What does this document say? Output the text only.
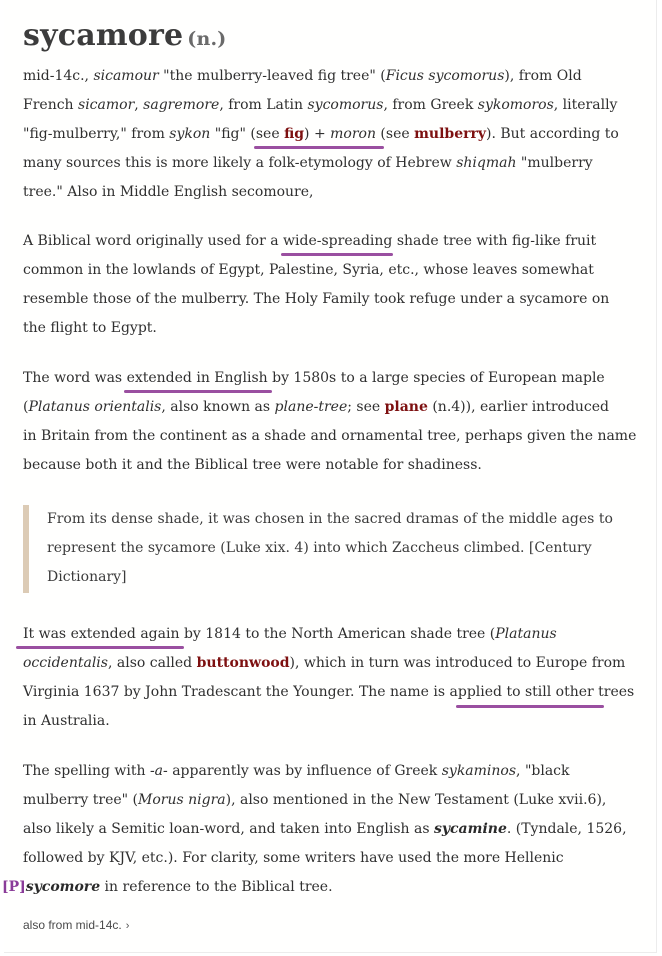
sycamore (n.)
mid-14c., sicamour "the mulberry-leaved fig tree" (Ficus sycomorus), from Old
French sicamor, sagremore, from Latin sycomorus, from Greek sykomoros, literally
"fig-mulberry," from sykon "fig" (see fig) + moron (see mulberry). But according to
many sources this is more likely a folk-etymology of Hebrew shiqmah "mulberry
tree." Also in Middle English secomoure,
A Biblical word originally used for a wide-spreading shade tree with fig-like fruit
common in the lowlands of Egypt, Palestine, Syria, etc., whose leaves somewhat
resemble those of the mulberry. The Holy Family took refuge under a sycamore on
the flight to Egypt.
The word was extended in English by 1580s to a large species of European maple
(Platanus orientalis, also known as plane-tree; see plane (n.4)), earlier introduced
in Britain from the continent as a shade and ornamental tree, perhaps given the name
because both it and the Biblical tree were notable for shadiness.
From its dense shade, it was chosen in the sacred dramas of the middle ages to
represent the sycamore (Luke xix. 4) into which Zaccheus climbed. [Century
Dictionary]
It was extended again by 1814 to the North American shade tree (Platanus
occidentalis, also called buttonwood), which in turn was introduced to Europe from
Virginia 1637 by John Tradescant the Younger. The name is applied to still other trees
in Australia.
The spelling with -a- apparently was by influence of Greek sykaminos, "black
mulberry tree" (Morus nigra), also mentioned in the New Testament (Luke xvii.6),
also likely a Semitic loan-word, and taken into English as sycamine. (Tyndale, 1526,
followed by KJV, etc.). For clarity, some writers have used the more Hellenic
[P]sycomore in reference to the Biblical tree.
also from mid-14c. ›
